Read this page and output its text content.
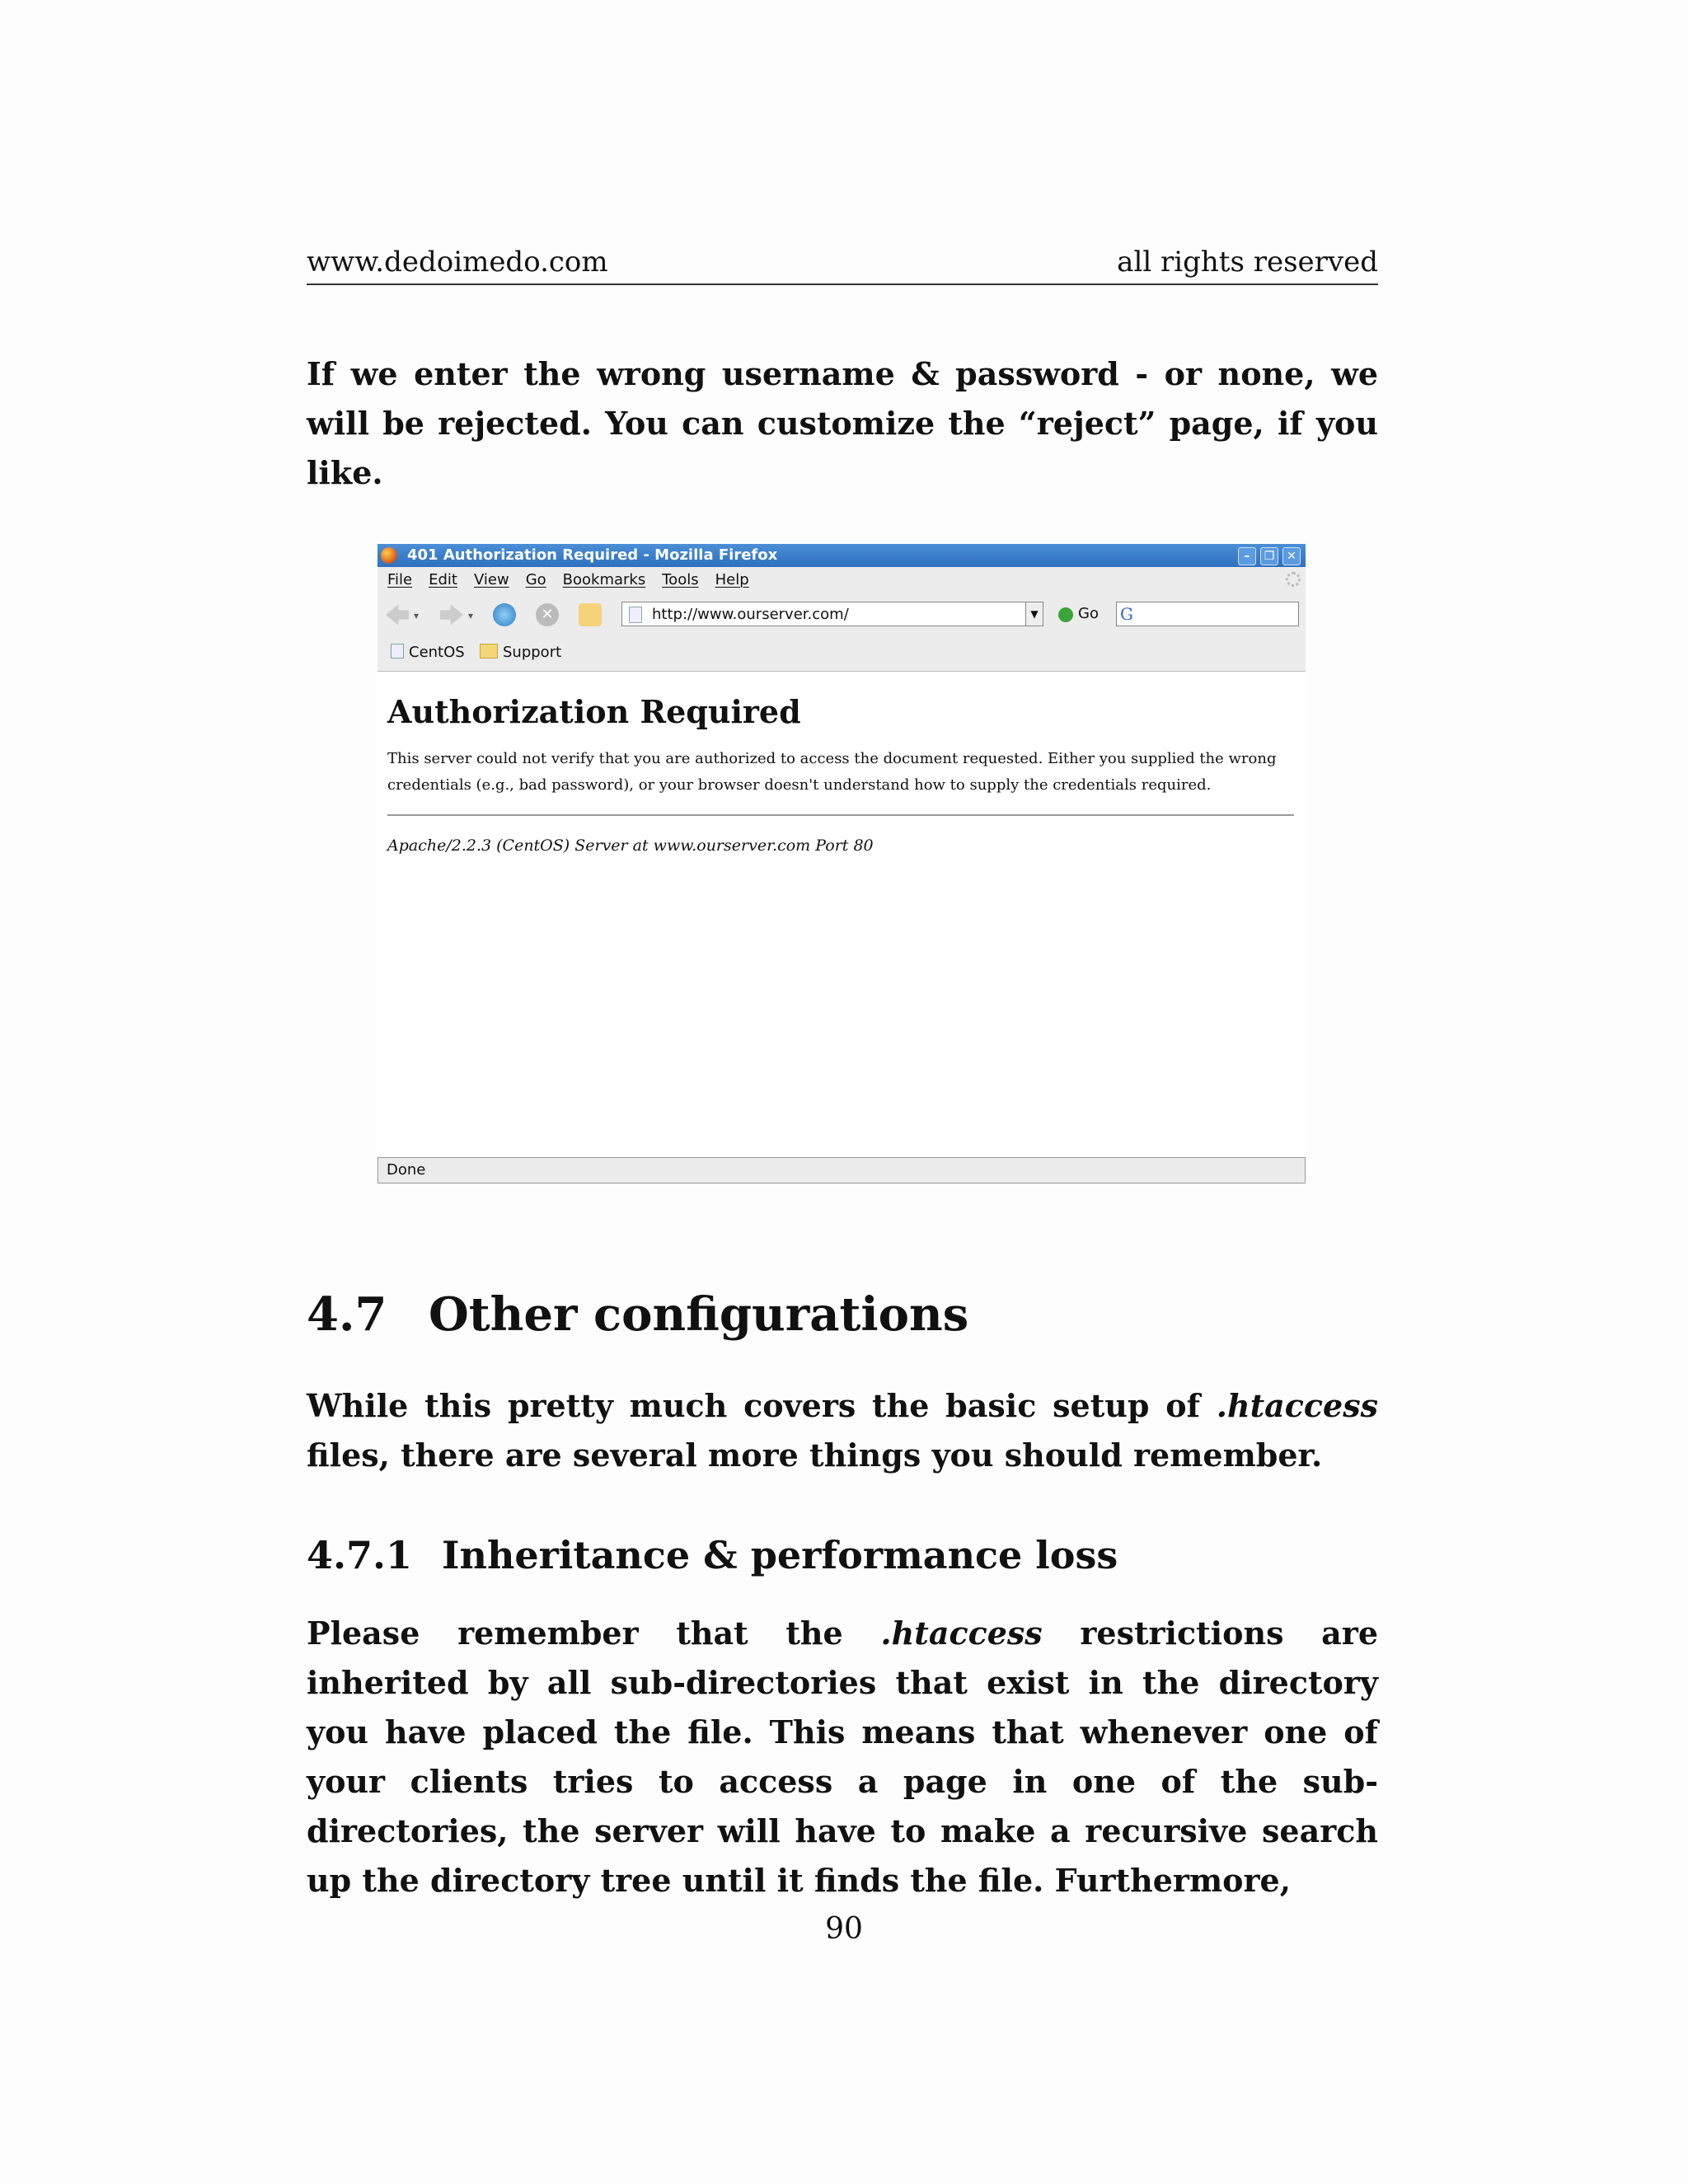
www.dedoimedo.com	all rights reserved
If we enter the wrong username & password - or none, we will be rejected. You can customize the “reject” page, if you like.
401 Authorization Required - Mozilla Firefox	–	❐	✕
File Edit View Go Bookmarks Tools Help
▾	▾	✕	http://www.ourserver.com/	▼	Go G
CentOS	Support
Authorization Required
This server could not verify that you are authorized to access the document requested. Either you supplied the wrong credentials (e.g., bad password), or your browser doesn't understand how to supply the credentials required.
Apache/2.2.3 (CentOS) Server at www.ourserver.com Port 80
Done
4.7 Other configurations
While this pretty much covers the basic setup of .htaccess files, there are several more things you should remember.
4.7.1 Inheritance & performance loss
Please remember that the .htaccess restrictions are inherited by all sub-directories that exist in the directory you have placed the file. This means that whenever one of your clients tries to access a page in one of the sub-directories, the server will have to make a recursive search up the directory tree until it finds the file. Furthermore,
90
